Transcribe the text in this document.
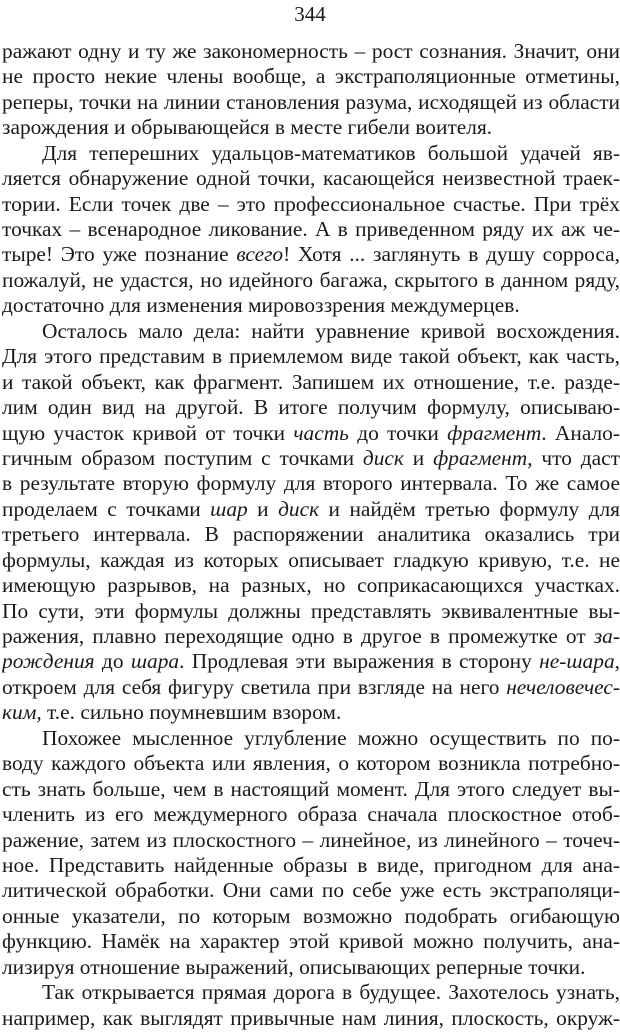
344
ражают одну и ту же закономерность – рост сознания. Значит, они
не просто некие члены вообще, а экстраполяционные отметины,
реперы, точки на линии становления разума, исходящей из области
зарождения и обрывающейся в месте гибели воителя.
Для теперешних удальцов-математиков большой удачей яв-
ляется обнаружение одной точки, касающейся неизвестной траек-
тории. Если точек две – это профессиональное счастье. При трёх
точках – всенародное ликование. А в приведенном ряду их аж че-
тыре! Это уже познание всего! Хотя ... заглянуть в душу сорроса,
пожалуй, не удастся, но идейного багажа, скрытого в данном ряду,
достаточно для изменения мировоззрения междумерцев.
Осталось мало дела: найти уравнение кривой восхождения.
Для этого представим в приемлемом виде такой объект, как часть,
и такой объект, как фрагмент. Запишем их отношение, т.е. разде-
лим один вид на другой. В итоге получим формулу, описываю-
щую участок кривой от точки часть до точки фрагмент. Анало-
гичным образом поступим с точками диск и фрагмент, что даст
в результате вторую формулу для второго интервала. То же самое
проделаем с точками шар и диск и найдём третью формулу для
третьего интервала. В распоряжении аналитика оказались три
формулы, каждая из которых описывает гладкую кривую, т.е. не
имеющую разрывов, на разных, но соприкасающихся участках.
По сути, эти формулы должны представлять эквивалентные вы-
ражения, плавно переходящие одно в другое в промежутке от за-
рождения до шара. Продлевая эти выражения в сторону не-шара,
откроем для себя фигуру светила при взгляде на него нечеловечес-
ким, т.е. сильно поумневшим взором.
Похожее мысленное углубление можно осуществить по по-
воду каждого объекта или явления, о котором возникла потребно-
сть знать больше, чем в настоящий момент. Для этого следует вы-
членить из его междумерного образа сначала плоскостное отоб-
ражение, затем из плоскостного – линейное, из линейного – точеч-
ное. Представить найденные образы в виде, пригодном для ана-
литической обработки. Они сами по себе уже есть экстраполяци-
онные указатели, по которым возможно подобрать огибающую
функцию. Намёк на характер этой кривой можно получить, ана-
лизируя отношение выражений, описывающих реперные точки.
Так открывается прямая дорога в будущее. Захотелось узнать,
например, как выглядят привычные нам линия, плоскость, окруж-
